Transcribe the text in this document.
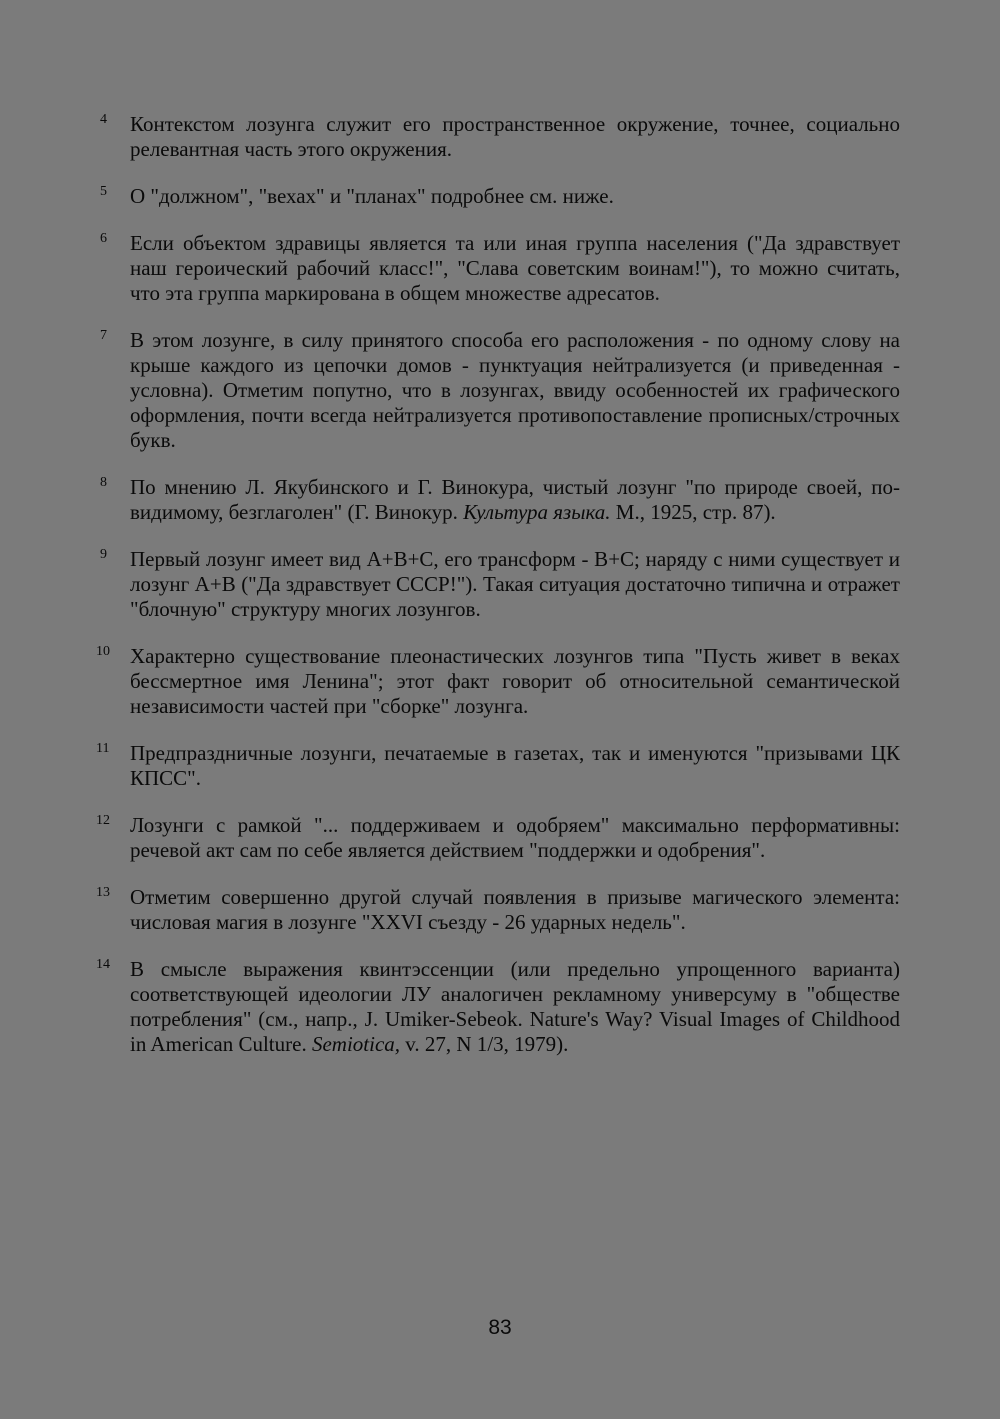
4 Контекстом лозунга служит его пространственное окружение, точнее, социально релевантная часть этого окружения.

5 О "должном", "вехах" и "планах" подробнее см. ниже.

6 Если объектом здравицы является та или иная группа населения ("Да здравствует наш героический рабочий класс!", "Слава советским воинам!"), то можно считать, что эта группа маркирована в общем множестве адресатов.

7 В этом лозунге, в силу принятого способа его расположения - по одному слову на крыше каждого из цепочки домов - пунктуация нейтрализуется (и приведенная - условна). Отметим попутно, что в лозунгах, ввиду особенностей их графического оформления, почти всегда нейтрализуется противопоставление прописных/строчных букв.

8 По мнению Л. Якубинского и Г. Винокура, чистый лозунг "по природе своей, по-видимому, безглаголен" (Г. Винокур. Культура языка. М., 1925, стр. 87).

9 Первый лозунг имеет вид А+В+С, его трансформ - В+С; наряду с ними существует и лозунг А+В ("Да здравствует СССР!"). Такая ситуация достаточно типична и отражет "блочную" структуру многих лозунгов.

10 Характерно существование плеонастических лозунгов типа "Пусть живет в веках бессмертное имя Ленина"; этот факт говорит об относительной семантической независимости частей при "сборке" лозунга.

11 Предпраздничные лозунги, печатаемые в газетах, так и именуются "призывами ЦК КПСС".

12 Лозунги с рамкой "... поддерживаем и одобряем" максимально перформативны: речевой акт сам по себе является действием "поддержки и одобрения".

13 Отметим совершенно другой случай появления в призыве магического элемента: числовая магия в лозунге "XXVI съезду - 26 ударных недель".

14 В смысле выражения квинтэссенции (или предельно упрощенного варианта) соответствующей идеологии ЛУ аналогичен рекламному универсуму в "обществе потребления" (см., напр., J. Umiker-Sebeok. Nature's Way? Visual Images of Childhood in American Culture. Semiotica, v. 27, N 1/3, 1979).

83
